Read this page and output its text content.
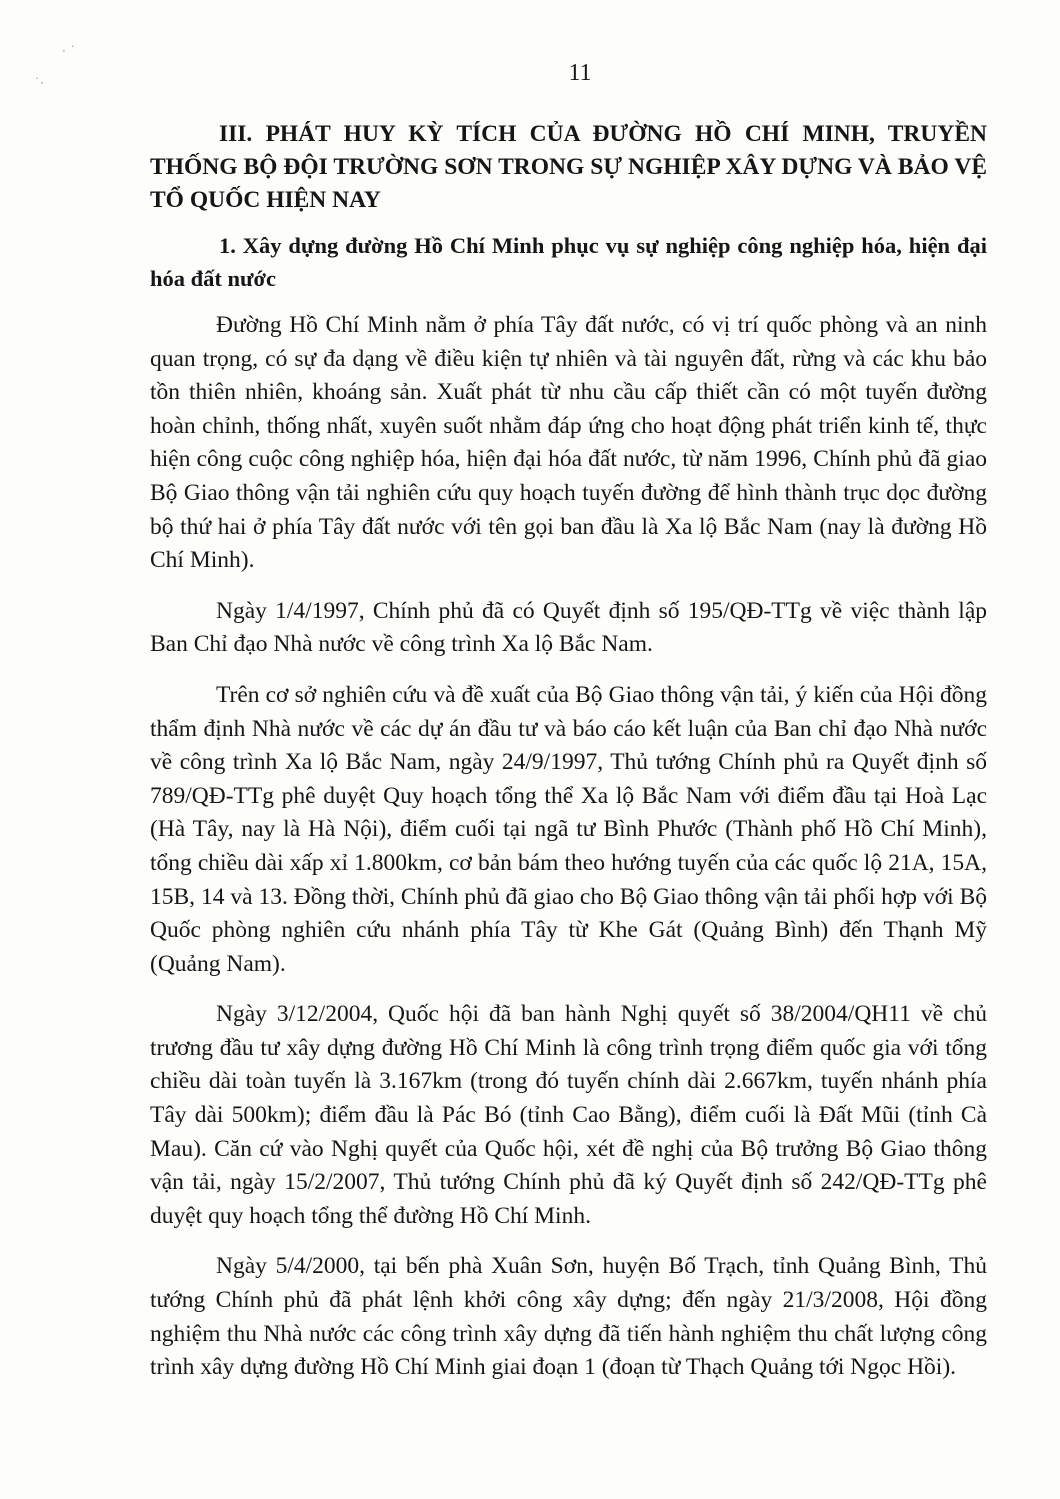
· ˙
˙·	11

III. PHÁT HUY KỲ TÍCH CỦA ĐƯỜNG HỒ CHÍ MINH, TRUYỀN THỐNG BỘ ĐỘI TRƯỜNG SƠN TRONG SỰ NGHIỆP XÂY DỰNG VÀ BẢO VỆ TỔ QUỐC HIỆN NAY

1. Xây dựng đường Hồ Chí Minh phục vụ sự nghiệp công nghiệp hóa, hiện đại hóa đất nước

Đường Hồ Chí Minh nằm ở phía Tây đất nước, có vị trí quốc phòng và an ninh quan trọng, có sự đa dạng về điều kiện tự nhiên và tài nguyên đất, rừng và các khu bảo tồn thiên nhiên, khoáng sản. Xuất phát từ nhu cầu cấp thiết cần có một tuyến đường hoàn chỉnh, thống nhất, xuyên suốt nhằm đáp ứng cho hoạt động phát triển kinh tế, thực hiện công cuộc công nghiệp hóa, hiện đại hóa đất nước, từ năm 1996, Chính phủ đã giao Bộ Giao thông vận tải nghiên cứu quy hoạch tuyến đường để hình thành trục dọc đường bộ thứ hai ở phía Tây đất nước với tên gọi ban đầu là Xa lộ Bắc Nam (nay là đường Hồ Chí Minh).

Ngày 1/4/1997, Chính phủ đã có Quyết định số 195/QĐ-TTg về việc thành lập Ban Chỉ đạo Nhà nước về công trình Xa lộ Bắc Nam.

Trên cơ sở nghiên cứu và đề xuất của Bộ Giao thông vận tải, ý kiến của Hội đồng thẩm định Nhà nước về các dự án đầu tư và báo cáo kết luận của Ban chỉ đạo Nhà nước về công trình Xa lộ Bắc Nam, ngày 24/9/1997, Thủ tướng Chính phủ ra Quyết định số 789/QĐ-TTg phê duyệt Quy hoạch tổng thể Xa lộ Bắc Nam với điểm đầu tại Hoà Lạc (Hà Tây, nay là Hà Nội), điểm cuối tại ngã tư Bình Phước (Thành phố Hồ Chí Minh), tổng chiều dài xấp xỉ 1.800km, cơ bản bám theo hướng tuyến của các quốc lộ 21A, 15A, 15B, 14 và 13. Đồng thời, Chính phủ đã giao cho Bộ Giao thông vận tải phối hợp với Bộ Quốc phòng nghiên cứu nhánh phía Tây từ Khe Gát (Quảng Bình) đến Thạnh Mỹ (Quảng Nam).

Ngày 3/12/2004, Quốc hội đã ban hành Nghị quyết số 38/2004/QH11 về chủ trương đầu tư xây dựng đường Hồ Chí Minh là công trình trọng điểm quốc gia với tổng chiều dài toàn tuyến là 3.167km (trong đó tuyến chính dài 2.667km, tuyến nhánh phía Tây dài 500km); điểm đầu là Pác Bó (tỉnh Cao Bằng), điểm cuối là Đất Mũi (tỉnh Cà Mau). Căn cứ vào Nghị quyết của Quốc hội, xét đề nghị của Bộ trưởng Bộ Giao thông vận tải, ngày 15/2/2007, Thủ tướng Chính phủ đã ký Quyết định số 242/QĐ-TTg phê duyệt quy hoạch tổng thể đường Hồ Chí Minh.

Ngày 5/4/2000, tại bến phà Xuân Sơn, huyện Bố Trạch, tỉnh Quảng Bình, Thủ tướng Chính phủ đã phát lệnh khởi công xây dựng; đến ngày 21/3/2008, Hội đồng nghiệm thu Nhà nước các công trình xây dựng đã tiến hành nghiệm thu chất lượng công trình xây dựng đường Hồ Chí Minh giai đoạn 1 (đoạn từ Thạch Quảng tới Ngọc Hồi).
